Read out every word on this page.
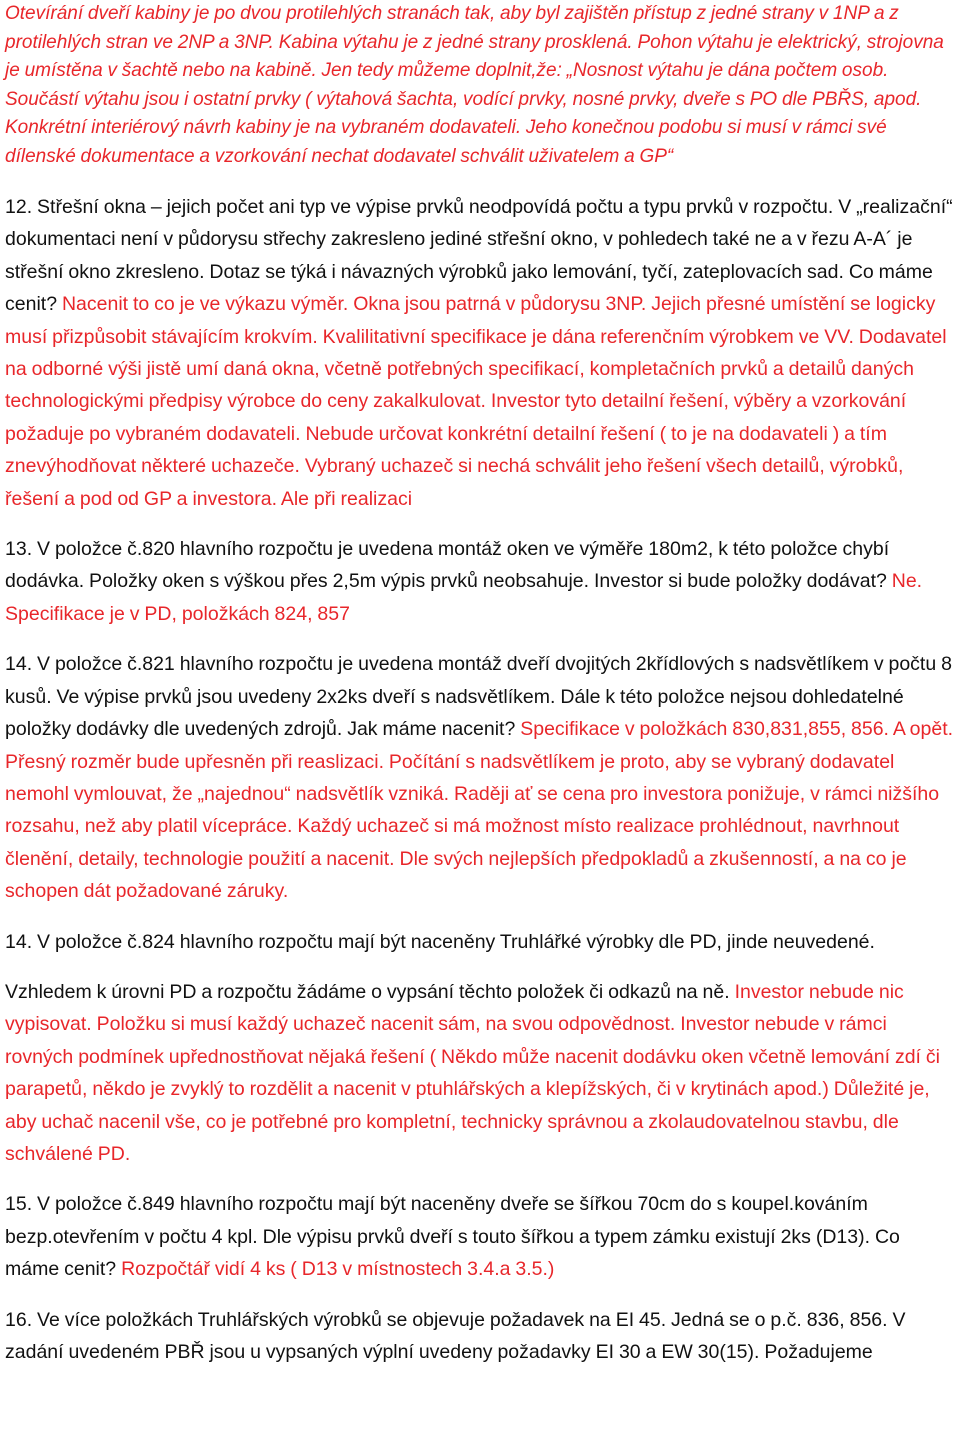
Otevírání dveří kabiny je po dvou protilehlých stranách tak, aby byl zajištěn přístup z jedné strany v 1NP a z protilehlých stran ve 2NP a 3NP. Kabina výtahu je z jedné strany prosklená. Pohon výtahu je elektrický, strojovna je umístěna v šachtě nebo na kabině. Jen tedy můžeme doplnit,že: „Nosnost výtahu je dána počtem osob. Součástí výtahu jsou i ostatní prvky ( výtahová šachta, vodící prvky, nosné prvky, dveře s PO dle PBŘS, apod. Konkrétní interiérový návrh kabiny je na vybraném dodavateli. Jeho konečnou podobu si musí v rámci své dílenské dokumentace a vzorkování nechat dodavatel schválit uživatelem a GP“

12. Střešní okna – jejich počet ani typ ve výpise prvků neodpovídá počtu a typu prvků v rozpočtu. V „realizační“ dokumentaci není v půdorysu střechy zakresleno jediné střešní okno, v pohledech také ne a v řezu A-A´ je střešní okno zkresleno. Dotaz se týká i návazných výrobků jako lemování, tyčí, zateplovacích sad. Co máme cenit? Nacenit to co je ve výkazu výměr. Okna jsou patrná v půdorysu 3NP. Jejich přesné umístění se logicky musí přizpůsobit stávajícím krokvím. Kvalilitativní specifikace je dána referenčním výrobkem ve VV. Dodavatel na odborné výši jistě umí daná okna, včetně potřebných specifikací, kompletačních prvků a detailů daných technologickými předpisy výrobce do ceny zakalkulovat. Investor tyto detailní řešení, výběry a vzorkování požaduje po vybraném dodavateli. Nebude určovat konkrétní detailní řešení ( to je na dodavateli ) a tím znevýhodňovat některé uchazeče. Vybraný uchazeč si nechá schválit jeho řešení všech detailů, výrobků, řešení a pod od GP a investora. Ale při realizaci

13. V položce č.820 hlavního rozpočtu je uvedena montáž oken ve výměře 180m2, k této položce chybí dodávka. Položky oken s výškou přes 2,5m výpis prvků neobsahuje. Investor si bude položky dodávat? Ne. Specifikace je v PD, položkách 824, 857

14. V položce č.821 hlavního rozpočtu je uvedena montáž dveří dvojitých 2křídlových s nadsvětlíkem v počtu 8 kusů. Ve výpise prvků jsou uvedeny 2x2ks dveří s nadsvětlíkem. Dále k této položce nejsou dohledatelné položky dodávky dle uvedených zdrojů. Jak máme nacenit? Specifikace v položkách 830,831,855, 856. A opět. Přesný rozměr bude upřesněn při reaslizaci. Počítání s nadsvětlíkem je proto, aby se vybraný dodavatel nemohl vymlouvat, že „najednou“ nadsvětlík vzniká. Raději ať se cena pro investora ponižuje, v rámci nižšího rozsahu, než aby platil vícepráce. Každý uchazeč si má možnost místo realizace prohlédnout, navrhnout členění, detaily, technologie použití a nacenit. Dle svých nejlepších předpokladů a zkušenností, a na co je schopen dát požadované záruky.

14. V položce č.824 hlavního rozpočtu mají být naceněny Truhlářké výrobky dle PD, jinde neuvedené.

Vzhledem k úrovni PD a rozpočtu žádáme o vypsání těchto položek či odkazů na ně. Investor nebude nic vypisovat. Položku si musí každý uchazeč nacenit sám, na svou odpovědnost. Investor nebude v rámci rovných podmínek upřednostňovat nějaká řešení ( Někdo může nacenit dodávku oken včetně lemování zdí či parapetů, někdo je zvyklý to rozdělit a nacenit v ptuhlářských a klepížských, či v krytinách apod.) Důležité je, aby uchač nacenil vše, co je potřebné pro kompletní, technicky správnou a zkolaudovatelnou stavbu, dle schválené PD.

15. V položce č.849 hlavního rozpočtu mají být naceněny dveře se šířkou 70cm do s koupel.kováním bezp.otevřením v počtu 4 kpl. Dle výpisu prvků dveří s touto šířkou a typem zámku existují 2ks (D13). Co máme cenit? Rozpočtář vidí 4 ks ( D13 v místnostech 3.4.a 3.5.)

16. Ve více položkách Truhlářských výrobků se objevuje požadavek na EI 45. Jedná se o p.č. 836, 856. V zadání uvedeném PBŘ jsou u vypsaných výplní uvedeny požadavky EI 30 a EW 30(15). Požadujeme
